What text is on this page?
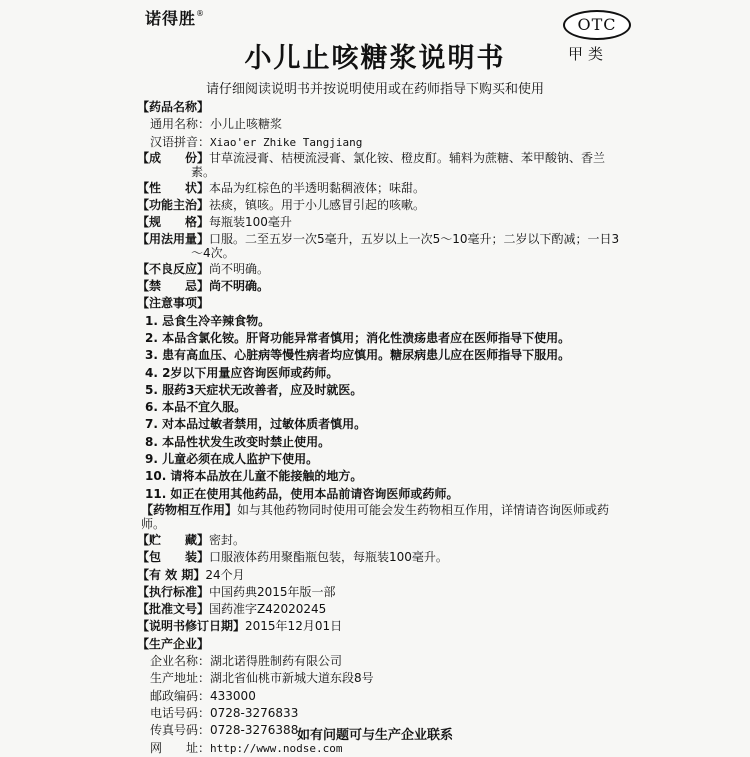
诺得胜®
OTC
甲类
小儿止咳糖浆说明书
请仔细阅读说明书并按说明使用或在药师指导下购买和使用
【药品名称】
通用名称：小儿止咳糖浆
汉语拼音：Xiao'er Zhike Tangjiang
【成　　份】甘草流浸膏、桔梗流浸膏、氯化铵、橙皮酊。辅料为蔗糖、苯甲酸钠、香兰素。
【性　　状】本品为红棕色的半透明黏稠液体；味甜。
【功能主治】祛痰，镇咳。用于小儿感冒引起的咳嗽。
【规　　格】每瓶装100毫升
【用法用量】口服。二至五岁一次5毫升，五岁以上一次5～10毫升；二岁以下酌减；一日3～4次。
【不良反应】尚不明确。
【禁　　忌】尚不明确。
【注意事项】
1. 忌食生冷辛辣食物。
2. 本品含氯化铵。肝肾功能异常者慎用；消化性溃疡患者应在医师指导下使用。
3. 患有高血压、心脏病等慢性病者均应慎用。糖尿病患儿应在医师指导下服用。
4. 2岁以下用量应咨询医师或药师。
5. 服药3天症状无改善者，应及时就医。
6. 本品不宜久服。
7. 对本品过敏者禁用，过敏体质者慎用。
8. 本品性状发生改变时禁止使用。
9. 儿童必须在成人监护下使用。
10. 请将本品放在儿童不能接触的地方。
11. 如正在使用其他药品，使用本品前请咨询医师或药师。
【药物相互作用】如与其他药物同时使用可能会发生药物相互作用，详情请咨询医师或药师。
【贮　　藏】密封。
【包　　装】口服液体药用聚酯瓶包装，每瓶装100毫升。
【有 效 期】24个月
【执行标准】中国药典2015年版一部
【批准文号】国药准字Z42020245
【说明书修订日期】2015年12月01日
【生产企业】
企业名称：湖北诺得胜制药有限公司
生产地址：湖北省仙桃市新城大道东段8号
邮政编码：433000
电话号码：0728-3276833
传真号码：0728-3276388
网　　址：http://www.nodse.com
如有问题可与生产企业联系
